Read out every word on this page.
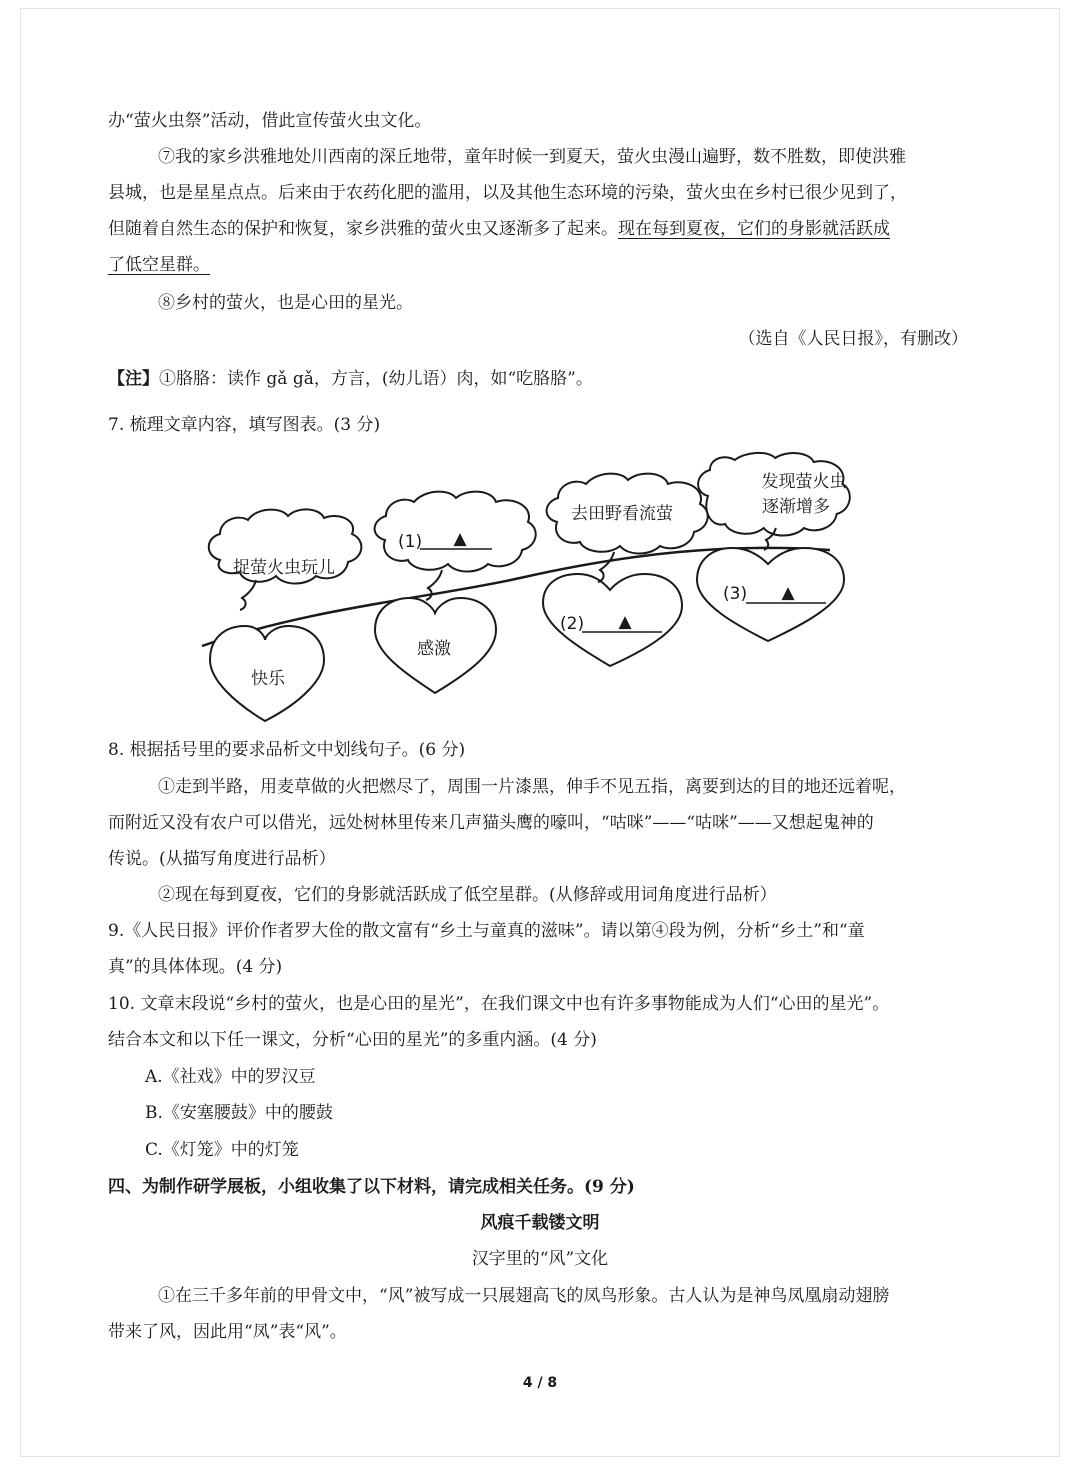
办“萤火虫祭”活动，借此宣传萤火虫文化。
⑦我的家乡洪雅地处川西南的深丘地带，童年时候一到夏天，萤火虫漫山遍野，数不胜数，即使洪雅
县城，也是星星点点。后来由于农药化肥的滥用，以及其他生态环境的污染，萤火虫在乡村已很少见到了，
但随着自然生态的保护和恢复，家乡洪雅的萤火虫又逐渐多了起来。现在每到夏夜，它们的身影就活跃成
了低空星群。
⑧乡村的萤火，也是心田的星光。
（选自《人民日报》，有删改）
【注】①胳胳：读作 gǎ gǎ，方言，(幼儿语）肉，如“吃胳胳”。
7. 梳理文章内容，填写图表。(3 分)
快乐
感激
(2) ▲
(3) ▲
捉萤火虫玩儿
(1) ▲
去田野看流萤
发现萤火虫
逐渐增多
8. 根据括号里的要求品析文中划线句子。(6 分)
①走到半路，用麦草做的火把燃尽了，周围一片漆黑，伸手不见五指，离要到达的目的地还远着呢，
而附近又没有农户可以借光，远处树林里传来几声猫头鹰的嚎叫，“咕咪”——“咕咪”——又想起鬼神的
传说。(从描写角度进行品析）
②现在每到夏夜，它们的身影就活跃成了低空星群。(从修辞或用词角度进行品析）
9.《人民日报》评价作者罗大佺的散文富有“乡土与童真的滋味”。请以第④段为例，分析“乡土”和“童
真”的具体体现。(4 分)
10. 文章末段说“乡村的萤火，也是心田的星光”，在我们课文中也有许多事物能成为人们“心田的星光”。
结合本文和以下任一课文，分析“心田的星光”的多重内涵。(4 分)
A.《社戏》中的罗汉豆
B.《安塞腰鼓》中的腰鼓
C.《灯笼》中的灯笼
四、为制作研学展板，小组收集了以下材料，请完成相关任务。(9 分)
风痕千载镂文明
汉字里的“风”文化
①在三千多年前的甲骨文中，“风”被写成一只展翅高飞的凤鸟形象。古人认为是神鸟凤凰扇动翅膀
带来了风，因此用“凤”表“风”。
4 / 8
